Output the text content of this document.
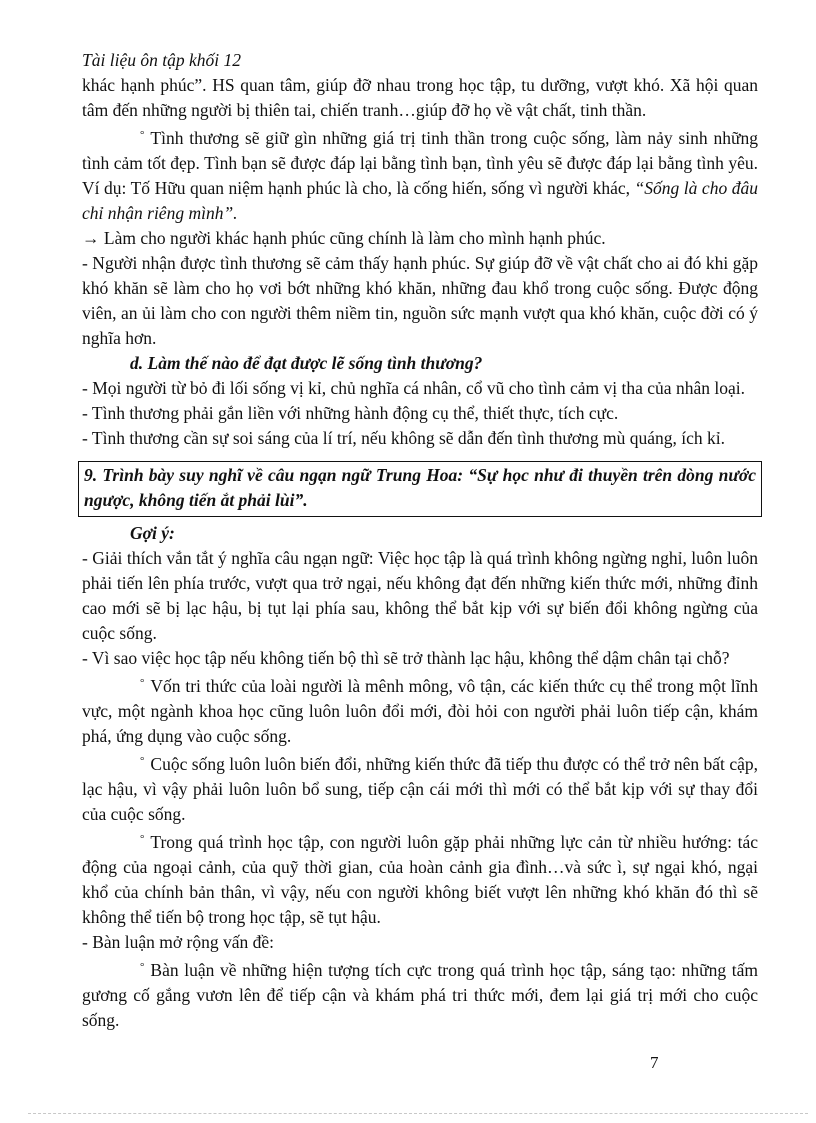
Tài liệu ôn tập khối 12

khác hạnh phúc”. HS quan tâm, giúp đỡ nhau trong học tập, tu dưỡng, vượt khó. Xã hội quan tâm đến những người bị thiên tai, chiến tranh…giúp đỡ họ về vật chất, tinh thần.

° Tình thương sẽ giữ gìn những giá trị tinh thần trong cuộc sống, làm nảy sinh những tình cảm tốt đẹp. Tình bạn sẽ được đáp lại bằng tình bạn, tình yêu sẽ được đáp lại bằng tình yêu. Ví dụ: Tố Hữu quan niệm hạnh phúc là cho, là cống hiến, sống vì người khác, “Sống là cho đâu chỉ nhận riêng mình”.

→ Làm cho người khác hạnh phúc cũng chính là làm cho mình hạnh phúc.

- Người nhận được tình thương sẽ cảm thấy hạnh phúc. Sự giúp đỡ về vật chất cho ai đó khi gặp khó khăn sẽ làm cho họ vơi bớt những khó khăn, những đau khổ trong cuộc sống. Được động viên, an ủi làm cho con người thêm niềm tin, nguồn sức mạnh vượt qua khó khăn, cuộc đời có ý nghĩa hơn.

d. Làm thế nào để đạt được lẽ sống tình thương?

- Mọi người từ bỏ đi lối sống vị kỉ, chủ nghĩa cá nhân, cổ vũ cho tình cảm vị tha của nhân loại.

- Tình thương phải gắn liền với những hành động cụ thể, thiết thực, tích cực.

- Tình thương cần sự soi sáng của lí trí, nếu không sẽ dẫn đến tình thương mù quáng, ích kỉ.

9. Trình bày suy nghĩ về câu ngạn ngữ Trung Hoa: “Sự học như đi thuyền trên dòng nước ngược, không tiến ắt phải lùi”.

Gợi ý:

- Giải thích vắn tắt ý nghĩa câu ngạn ngữ: Việc học tập là quá trình không ngừng nghỉ, luôn luôn phải tiến lên phía trước, vượt qua trở ngại, nếu không đạt đến những kiến thức mới, những đỉnh cao mới sẽ bị lạc hậu, bị tụt lại phía sau, không thể bắt kịp với sự biến đổi không ngừng của cuộc sống.

- Vì sao việc học tập nếu không tiến bộ thì sẽ trở thành lạc hậu, không thể dậm chân tại chỗ?

° Vốn tri thức của loài người là mênh mông, vô tận, các kiến thức cụ thể trong một lĩnh vực, một ngành khoa học cũng luôn luôn đổi mới, đòi hỏi con người phải luôn tiếp cận, khám phá, ứng dụng vào cuộc sống.

° Cuộc sống luôn luôn biến đổi, những kiến thức đã tiếp thu được có thể trở nên bất cập, lạc hậu, vì vậy phải luôn luôn bổ sung, tiếp cận cái mới thì mới có thể bắt kịp với sự thay đổi của cuộc sống.

° Trong quá trình học tập, con người luôn gặp phải những lực cản từ nhiều hướng: tác động của ngoại cảnh, của quỹ thời gian, của hoàn cảnh gia đình…và sức ì, sự ngại khó, ngại khổ của chính bản thân, vì vậy, nếu con người không biết vượt lên những khó khăn đó thì sẽ không thể tiến bộ trong học tập, sẽ tụt hậu.

- Bàn luận mở rộng vấn đề:

° Bàn luận về những hiện tượng tích cực trong quá trình học tập, sáng tạo: những tấm gương cố gắng vươn lên để tiếp cận và khám phá tri thức mới, đem lại giá trị mới cho cuộc sống.

7
